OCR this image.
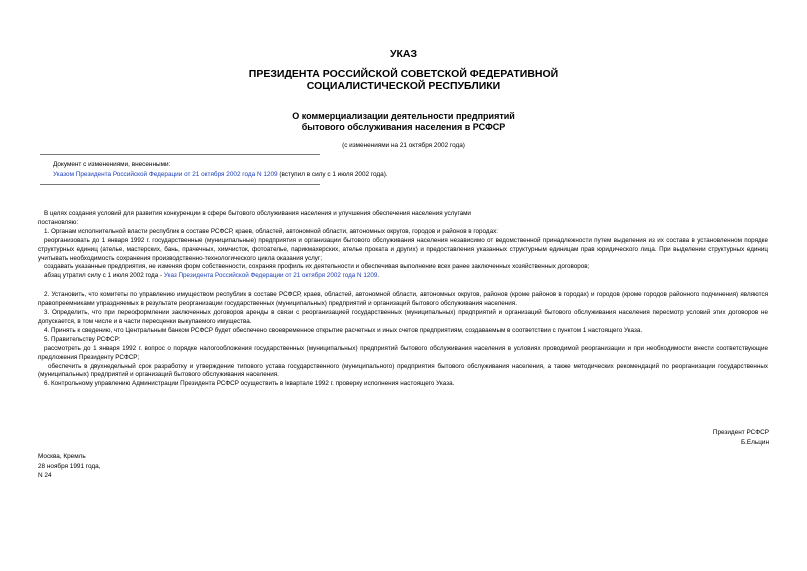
УКАЗ
ПРЕЗИДЕНТА РОССИЙСКОЙ СОВЕТСКОЙ ФЕДЕРАТИВНОЙ
СОЦИАЛИСТИЧЕСКОЙ РЕСПУБЛИКИ
О коммерциализации деятельности предприятий
бытового обслуживания населения в РСФСР
(с изменениями на 21 октября 2002 года)
Документ с изменениями, внесенными:
Указом Президента Российской Федерации от 21 октября 2002 года N 1209 (вступил в силу с 1 июля 2002 года).

В целях создания условий для развития конкуренции в сфере бытового обслуживания населения и улучшения обеспечения населения услугами

постановляю:

1. Органам исполнительной власти республик в составе РСФСР, краев, областей, автономной области, автономных округов, городов и районов в городах:

реорганизовать до 1 января 1992 г. государственные (муниципальные) предприятия и организации бытового обслуживания населения независимо от ведомственной принадлежности путем выделения из их состава в установленном порядке структурных единиц (ателье, мастерских, бань, прачечных, химчисток, фотоателье, парикмахерских, ателье проката и других) и предоставления указанных структурным единицам прав юридического лица. При выделении структурных единиц учитывать необходимость сохранения производственно-технологического цикла оказания услуг;

создавать указанные предприятия, не изменяя форм собственности, сохраняя профиль их деятельности и обеспечивая выполнение всех ранее заключенных хозяйственных договоров;

абзац утратил силу с 1 июля 2002 года - Указ Президента Российской Федерации от 21 октября 2002 года N 1209.

2. Установить, что комитеты по управлению имуществом республик в составе РСФСР, краев, областей, автономной области, автономных округов, районов (кроме районов в городах) и городов (кроме городов районного подчинения) являются правопреемниками упраздняемых в результате реорганизации государственных (муниципальных) предприятий и организаций бытового обслуживания населения.

3. Определить, что при переоформлении заключенных договоров аренды в связи с реорганизацией государственных (муниципальных) предприятий и организаций бытового обслуживания населения пересмотр условий этих договоров не допускается, в том числе и в части пересценки выкупаемого имущества.

4. Принять к сведению, что Центральным банком РСФСР будет обеспечено своевременное открытие расчетных и иных счетов предприятиям, создаваемым в соответствии с пунктом 1 настоящего Указа.

5. Правительству РСФСР:

рассмотреть до 1 января 1992 г. вопрос о порядке налогообложения государственных (муниципальных) предприятий бытового обслуживания населения в условиях проводимой реорганизации и при необходимости внести соответствующие предложения Президенту РСФСР;

обеспечить в двухнедельный срок разработку и утверждение типового устава государственного (муниципального) предприятия бытового обслуживания населения, а также методических рекомендаций по реорганизации государственных (муниципальных) предприятий и организаций бытового обслуживания населения.

6. Контрольному управлению Администрации Президента РСФСР осуществить в Iквартале 1992 г. проверку исполнения настоящего Указа.

Президент РСФСР
Б.Ельцин
Москва, Кремль
28 ноября 1991 года,
N 24
